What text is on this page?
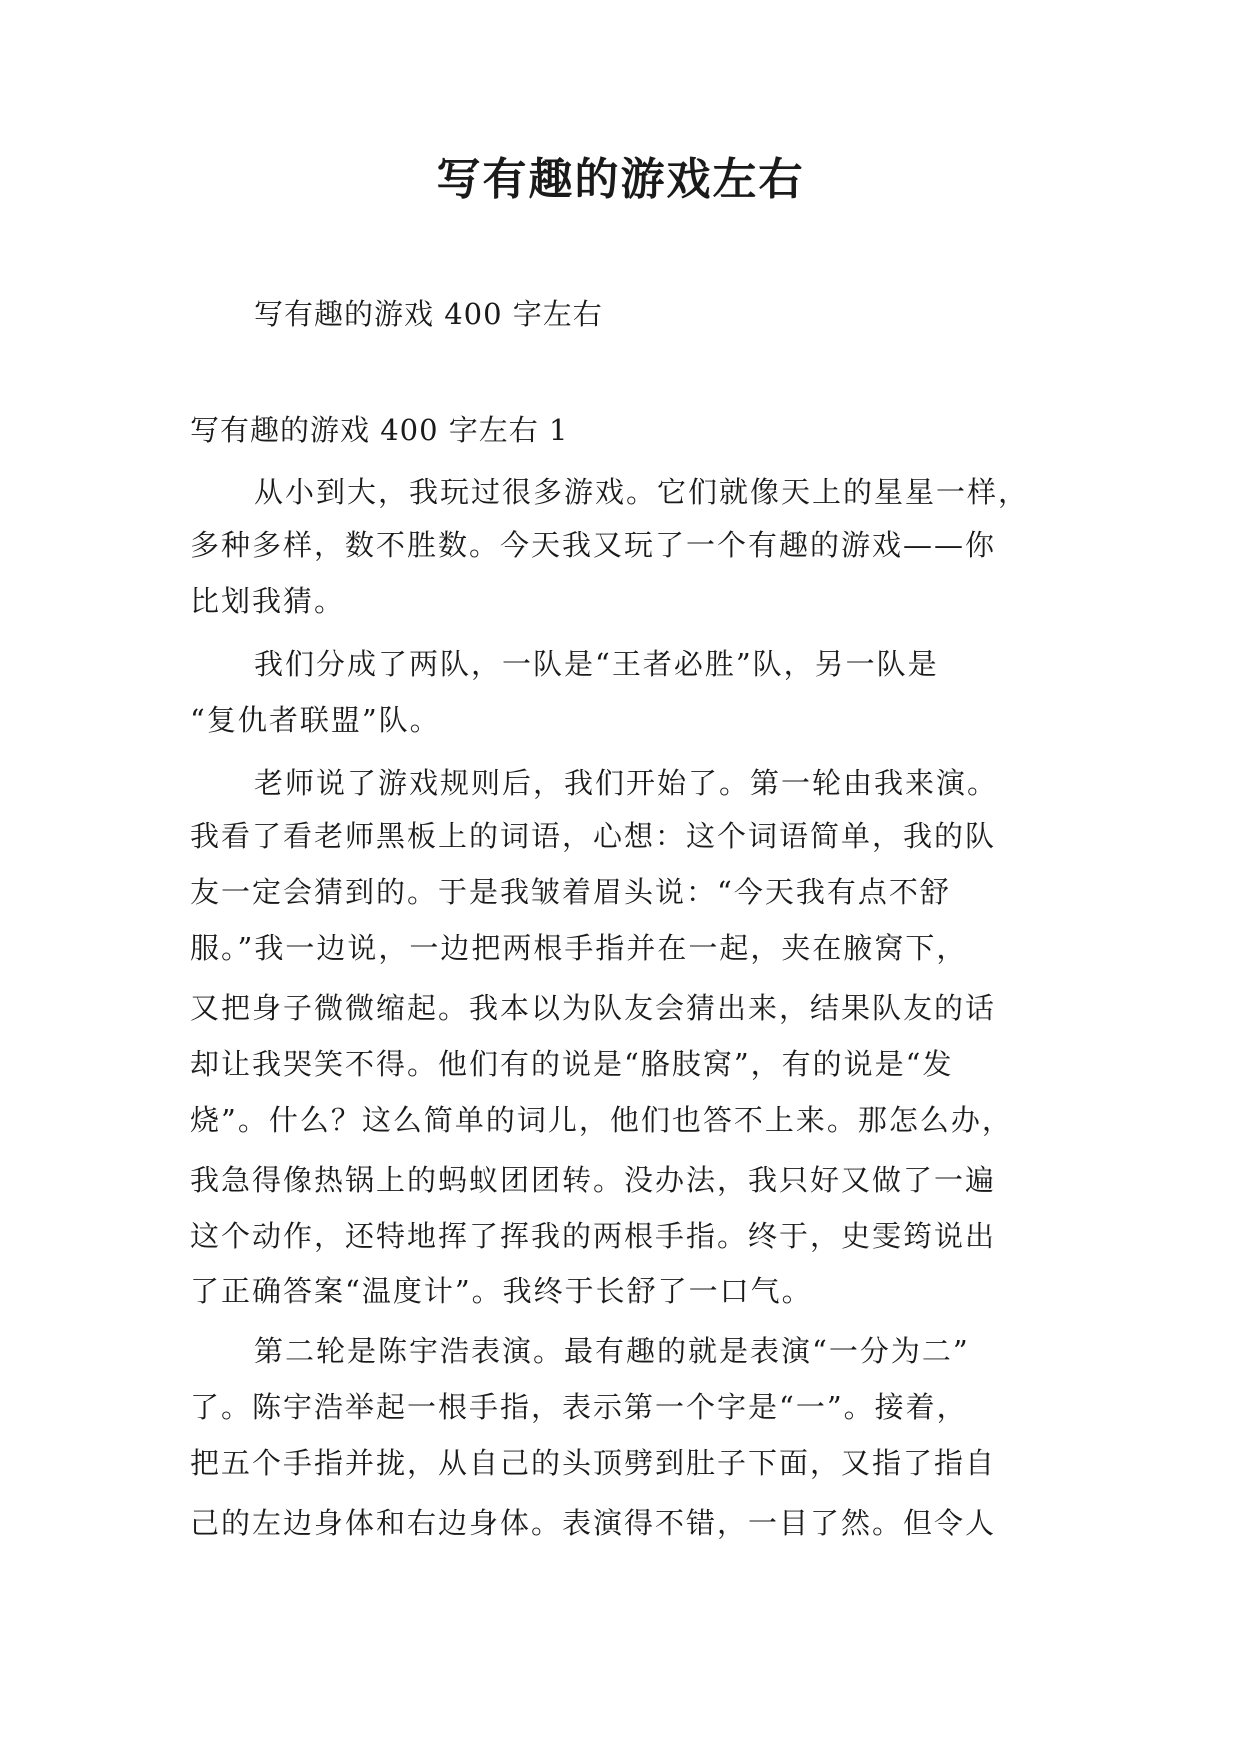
写有趣的游戏左右

写有趣的游戏 400 字左右

写有趣的游戏 400 字左右 1

从小到大，我玩过很多游戏。它们就像天上的星星一样，

多种多样，数不胜数。今天我又玩了一个有趣的游戏——你

比划我猜。

我们分成了两队，一队是“王者必胜”队，另一队是

“复仇者联盟”队。

老师说了游戏规则后，我们开始了。第一轮由我来演。

我看了看老师黑板上的词语，心想：这个词语简单，我的队

友一定会猜到的。于是我皱着眉头说：“今天我有点不舒

服。”我一边说，一边把两根手指并在一起，夹在腋窝下，

又把身子微微缩起。我本以为队友会猜出来，结果队友的话

却让我哭笑不得。他们有的说是“胳肢窝”，有的说是“发

烧”。什么？这么简单的词儿，他们也答不上来。那怎么办，

我急得像热锅上的蚂蚁团团转。没办法，我只好又做了一遍

这个动作，还特地挥了挥我的两根手指。终于，史雯筠说出

了正确答案“温度计”。我终于长舒了一口气。

第二轮是陈宇浩表演。最有趣的就是表演“一分为二”

了。陈宇浩举起一根手指，表示第一个字是“一”。接着，

把五个手指并拢，从自己的头顶劈到肚子下面，又指了指自

己的左边身体和右边身体。表演得不错，一目了然。但令人
